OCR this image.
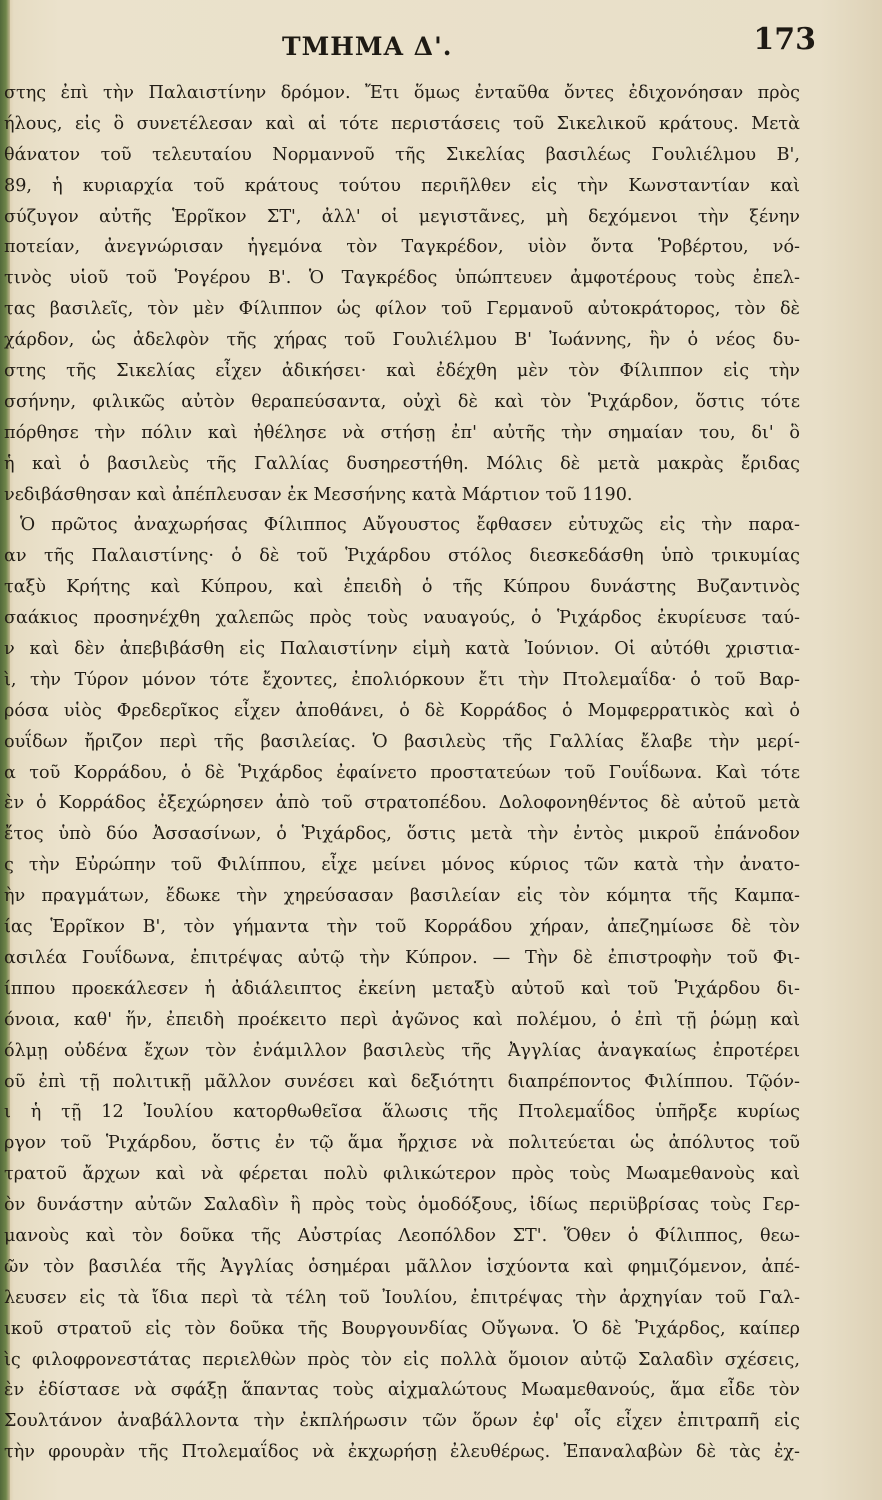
ΤΜΗΜΑ Δ'.	173
στης ἐπὶ τὴν Παλαιστίνην δρόμον. Ἔτι ὅμως ἐνταῦθα ὄντες ἐδιχονόησαν πρὸς
ήλους, εἰς ὃ συνετέλεσαν καὶ αἱ τότε περιστάσεις τοῦ Σικελικοῦ κράτους. Μετὰ
θάνατον τοῦ τελευταίου Νορμαννοῦ τῆς Σικελίας βασιλέως Γουλιέλμου Β',
89, ἡ κυριαρχία τοῦ κράτους τούτου περιῆλθεν εἰς τὴν Κωνσταντίαν καὶ
σύζυγον αὐτῆς Ἑρρῖκον ΣΤ', ἀλλ' οἱ μεγιστᾶνες, μὴ δεχόμενοι τὴν ξένην
ποτείαν, ἀνεγνώρισαν ἡγεμόνα τὸν Ταγκρέδον, υἱὸν ὄντα Ῥοβέρτου, νό-
τινὸς υἱοῦ τοῦ Ῥογέρου Β'. Ὁ Ταγκρέδος ὑπώπτευεν ἀμφοτέρους τοὺς ἐπελ-
τας βασιλεῖς, τὸν μὲν Φίλιππον ὡς φίλον τοῦ Γερμανοῦ αὐτοκράτορος, τὸν δὲ
χάρδον, ὡς ἀδελφὸν τῆς χήρας τοῦ Γουλιέλμου Β' Ἰωάννης, ἣν ὁ νέος δυ-
στης τῆς Σικελίας εἶχεν ἀδικήσει· καὶ ἐδέχθη μὲν τὸν Φίλιππον εἰς τὴν
σσήνην, φιλικῶς αὐτὸν θεραπεύσαντα, οὐχὶ δὲ καὶ τὸν Ῥιχάρδον, ὅστις τότε
πόρθησε τὴν πόλιν καὶ ἠθέλησε νὰ στήσῃ ἐπ' αὐτῆς τὴν σημαίαν του, δι' ὃ
ἡ καὶ ὁ βασιλεὺς τῆς Γαλλίας δυσηρεστήθη. Μόλις δὲ μετὰ μακρὰς ἔριδας
νεδιβάσθησαν καὶ ἀπέπλευσαν ἐκ Μεσσήνης κατὰ Μάρτιον τοῦ 1190.
Ὁ πρῶτος ἀναχωρήσας Φίλιππος Αὔγουστος ἔφθασεν εὐτυχῶς εἰς τὴν παρα-
αν τῆς Παλαιστίνης· ὁ δὲ τοῦ Ῥιχάρδου στόλος διεσκεδάσθη ὑπὸ τρικυμίας
ταξὺ Κρήτης καὶ Κύπρου, καὶ ἐπειδὴ ὁ τῆς Κύπρου δυνάστης Βυζαντινὸς
σαάκιος προσηνέχθη χαλεπῶς πρὸς τοὺς ναυαγούς, ὁ Ῥιχάρδος ἐκυρίευσε ταύ-
ν καὶ δὲν ἀπεβιβάσθη εἰς Παλαιστίνην εἰμὴ κατὰ Ἰούνιον. Οἱ αὐτόθι χριστια-
ὶ, τὴν Τύρον μόνον τότε ἔχοντες, ἐπολιόρκουν ἔτι τὴν Πτολεμαΐδα· ὁ τοῦ Βαρ-
ρόσα υἱὸς Φρεδερῖκος εἶχεν ἀποθάνει, ὁ δὲ Κορράδος ὁ Μομφερρατικὸς καὶ ὁ
ουΐδων ἤριζον περὶ τῆς βασιλείας. Ὁ βασιλεὺς τῆς Γαλλίας ἔλαβε τὴν μερί-
α τοῦ Κορράδου, ὁ δὲ Ῥιχάρδος ἐφαίνετο προστατεύων τοῦ Γουΐδωνα. Καὶ τότε
ὲν ὁ Κορράδος ἐξεχώρησεν ἀπὸ τοῦ στρατοπέδου. Δολοφονηθέντος δὲ αὐτοῦ μετὰ
ἔτος ὑπὸ δύο Ἀσσασίνων, ὁ Ῥιχάρδος, ὅστις μετὰ τὴν ἐντὸς μικροῦ ἐπάνοδον
ς τὴν Εὐρώπην τοῦ Φιλίππου, εἶχε μείνει μόνος κύριος τῶν κατὰ τὴν ἀνατο-
ὴν πραγμάτων, ἔδωκε τὴν χηρεύσασαν βασιλείαν εἰς τὸν κόμητα τῆς Καμπα-
ίας Ἑρρῖκον Β', τὸν γήμαντα τὴν τοῦ Κορράδου χήραν, ἀπεζημίωσε δὲ τὸν
ασιλέα Γουΐδωνα, ἐπιτρέψας αὐτῷ τὴν Κύπρον. — Τὴν δὲ ἐπιστροφὴν τοῦ Φι-
ίππου προεκάλεσεν ἡ ἀδιάλειπτος ἐκείνη μεταξὺ αὐτοῦ καὶ τοῦ Ῥιχάρδου δι-
όνοια, καθ' ἥν, ἐπειδὴ προέκειτο περὶ ἀγῶνος καὶ πολέμου, ὁ ἐπὶ τῇ ῥώμῃ καὶ
όλμῃ οὐδένα ἔχων τὸν ἐνάμιλλον βασιλεὺς τῆς Ἀγγλίας ἀναγκαίως ἐπροτέρει
οῦ ἐπὶ τῇ πολιτικῇ μᾶλλον συνέσει καὶ δεξιότητι διαπρέποντος Φιλίππου. Τῷόν-
ι ἡ τῇ 12 Ἰουλίου κατορθωθεῖσα ἅλωσις τῆς Πτολεμαΐδος ὑπῆρξε κυρίως
ργον τοῦ Ῥιχάρδου, ὅστις ἐν τῷ ἅμα ἤρχισε νὰ πολιτεύεται ὡς ἀπόλυτος τοῦ
τρατοῦ ἄρχων καὶ νὰ φέρεται πολὺ φιλικώτερον πρὸς τοὺς Μωαμεθανοὺς καὶ
ὸν δυνάστην αὐτῶν Σαλαδὶν ἢ πρὸς τοὺς ὁμοδόξους, ἰδίως περιϋβρίσας τοὺς Γερ-
μανοὺς καὶ τὸν δοῦκα τῆς Αὐστρίας Λεοπόλδον ΣΤ'. Ὅθεν ὁ Φίλιππος, θεω-
ῶν τὸν βασιλέα τῆς Ἀγγλίας ὁσημέραι μᾶλλον ἰσχύοντα καὶ φημιζόμενον, ἀπέ-
λευσεν εἰς τὰ ἴδια περὶ τὰ τέλη τοῦ Ἰουλίου, ἐπιτρέψας τὴν ἀρχηγίαν τοῦ Γαλ-
ικοῦ στρατοῦ εἰς τὸν δοῦκα τῆς Βουργουνδίας Οὔγωνα. Ὁ δὲ Ῥιχάρδος, καίπερ
ὶς φιλοφρονεστάτας περιελθὼν πρὸς τὸν εἰς πολλὰ ὅμοιον αὐτῷ Σαλαδὶν σχέσεις,
ὲν ἐδίστασε νὰ σφάξῃ ἅπαντας τοὺς αἰχμαλώτους Μωαμεθανούς, ἅμα εἶδε τὸν
Σουλτάνον ἀναβάλλοντα τὴν ἐκπλήρωσιν τῶν ὅρων ἐφ' οἷς εἶχεν ἐπιτραπῆ εἰς
τὴν φρουρὰν τῆς Πτολεμαΐδος νὰ ἐκχωρήσῃ ἐλευθέρως. Ἐπαναλαβὼν δὲ τὰς ἐχ-
